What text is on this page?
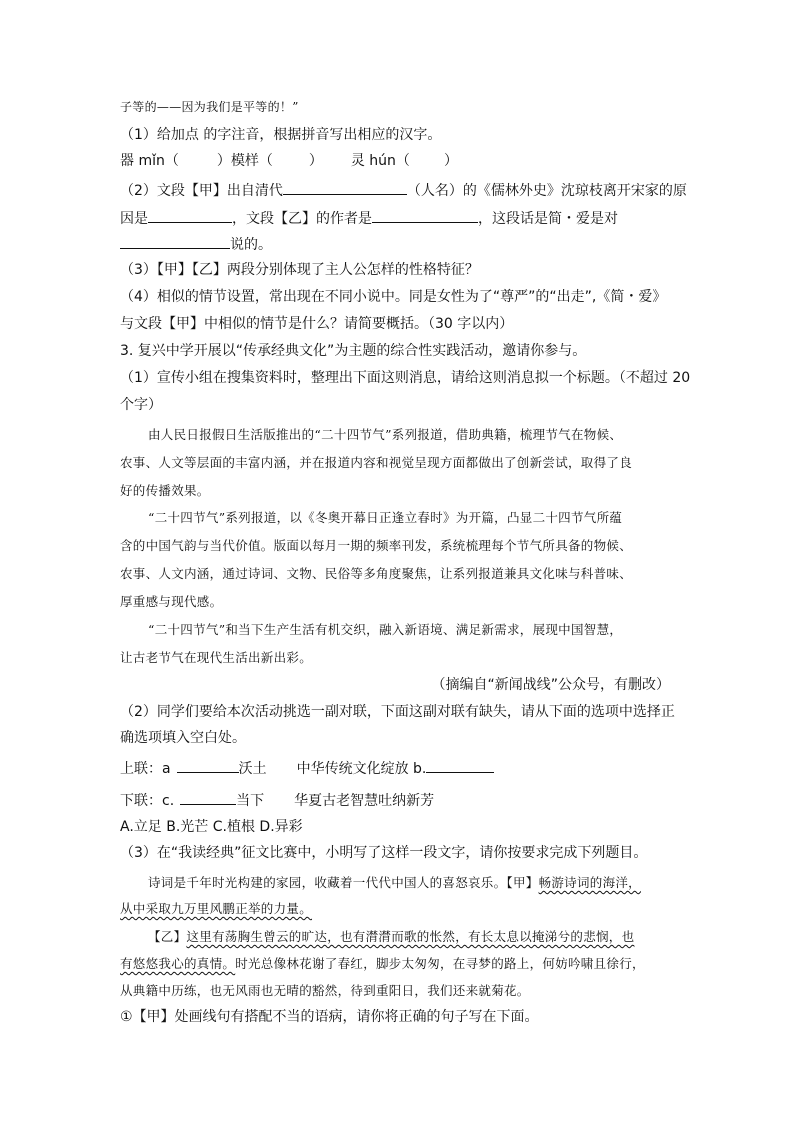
子等的——因为我们是平等的！”
（1）给加点 的字注音，根据拼音写出相应的汉字。
器 mǐn（	）模样（	） 灵 hún（ ）
（2）文段【甲】出自清代	（人名）的《儒林外史》沈琼枝离开宋家的原
因是	，文段【乙】的作者是	，这段话是简・爱是对
说的。
（3）【甲】【乙】两段分别体现了主人公怎样的性格特征？
（4）相似的情节设置，常出现在不同小说中。同是女性为了“尊严”的“出走”,《简・爱》
与文段【甲】中相似的情节是什么？请简要概括。（30 字以内）
3. 复兴中学开展以“传承经典文化”为主题的综合性实践活动，邀请你参与。
（1）宣传小组在搜集资料时，整理出下面这则消息，请给这则消息拟一个标题。（不超过 20
个字）
由人民日报假日生活版推出的“二十四节气”系列报道，借助典籍，梳理节气在物候、
农事、人文等层面的丰富内涵，并在报道内容和视觉呈现方面都做出了创新尝试，取得了良
好的传播效果。
“二十四节气”系列报道，以《冬奥开幕日正逢立春时》为开篇，凸显二十四节气所蕴
含的中国气韵与当代价值。版面以每月一期的频率刊发，系统梳理每个节气所具备的物候、
农事、人文内涵，通过诗词、文物、民俗等多角度聚焦，让系列报道兼具文化味与科普味、
厚重感与现代感。
“二十四节气”和当下生产生活有机交织，融入新语境、满足新需求，展现中国智慧，
让古老节气在现代生活出新出彩。
（摘编自“新闻战线”公众号，有删改）
（2）同学们要给本次活动挑选一副对联，下面这副对联有缺失，请从下面的选项中选择正
确选项填入空白处。
上联：a	沃土 中华传统文化绽放 b.
下联：c.	当下 华夏古老智慧吐纳新芳
A.立足 B.光芒 C.植根 D.异彩
（3）在“我读经典”征文比赛中，小明写了这样一段文字，请你按要求完成下列题目。
诗词是千年时光构建的家园，收藏着一代代中国人的喜怒哀乐。【甲】畅游诗词的海洋，
从中采取九万里风鹏正举的力量。
【乙】这里有荡胸生曾云的旷达，也有潸潸而歌的怅然，有长太息以掩涕兮的悲悯，也
有悠悠我心的真情。时光总像林花谢了春红，脚步太匆匆，在寻梦的路上，何妨吟啸且徐行，
从典籍中历练，也无风雨也无晴的豁然，待到重阳日，我们还来就菊花。
①【甲】处画线句有搭配不当的语病，请你将正确的句子写在下面。
